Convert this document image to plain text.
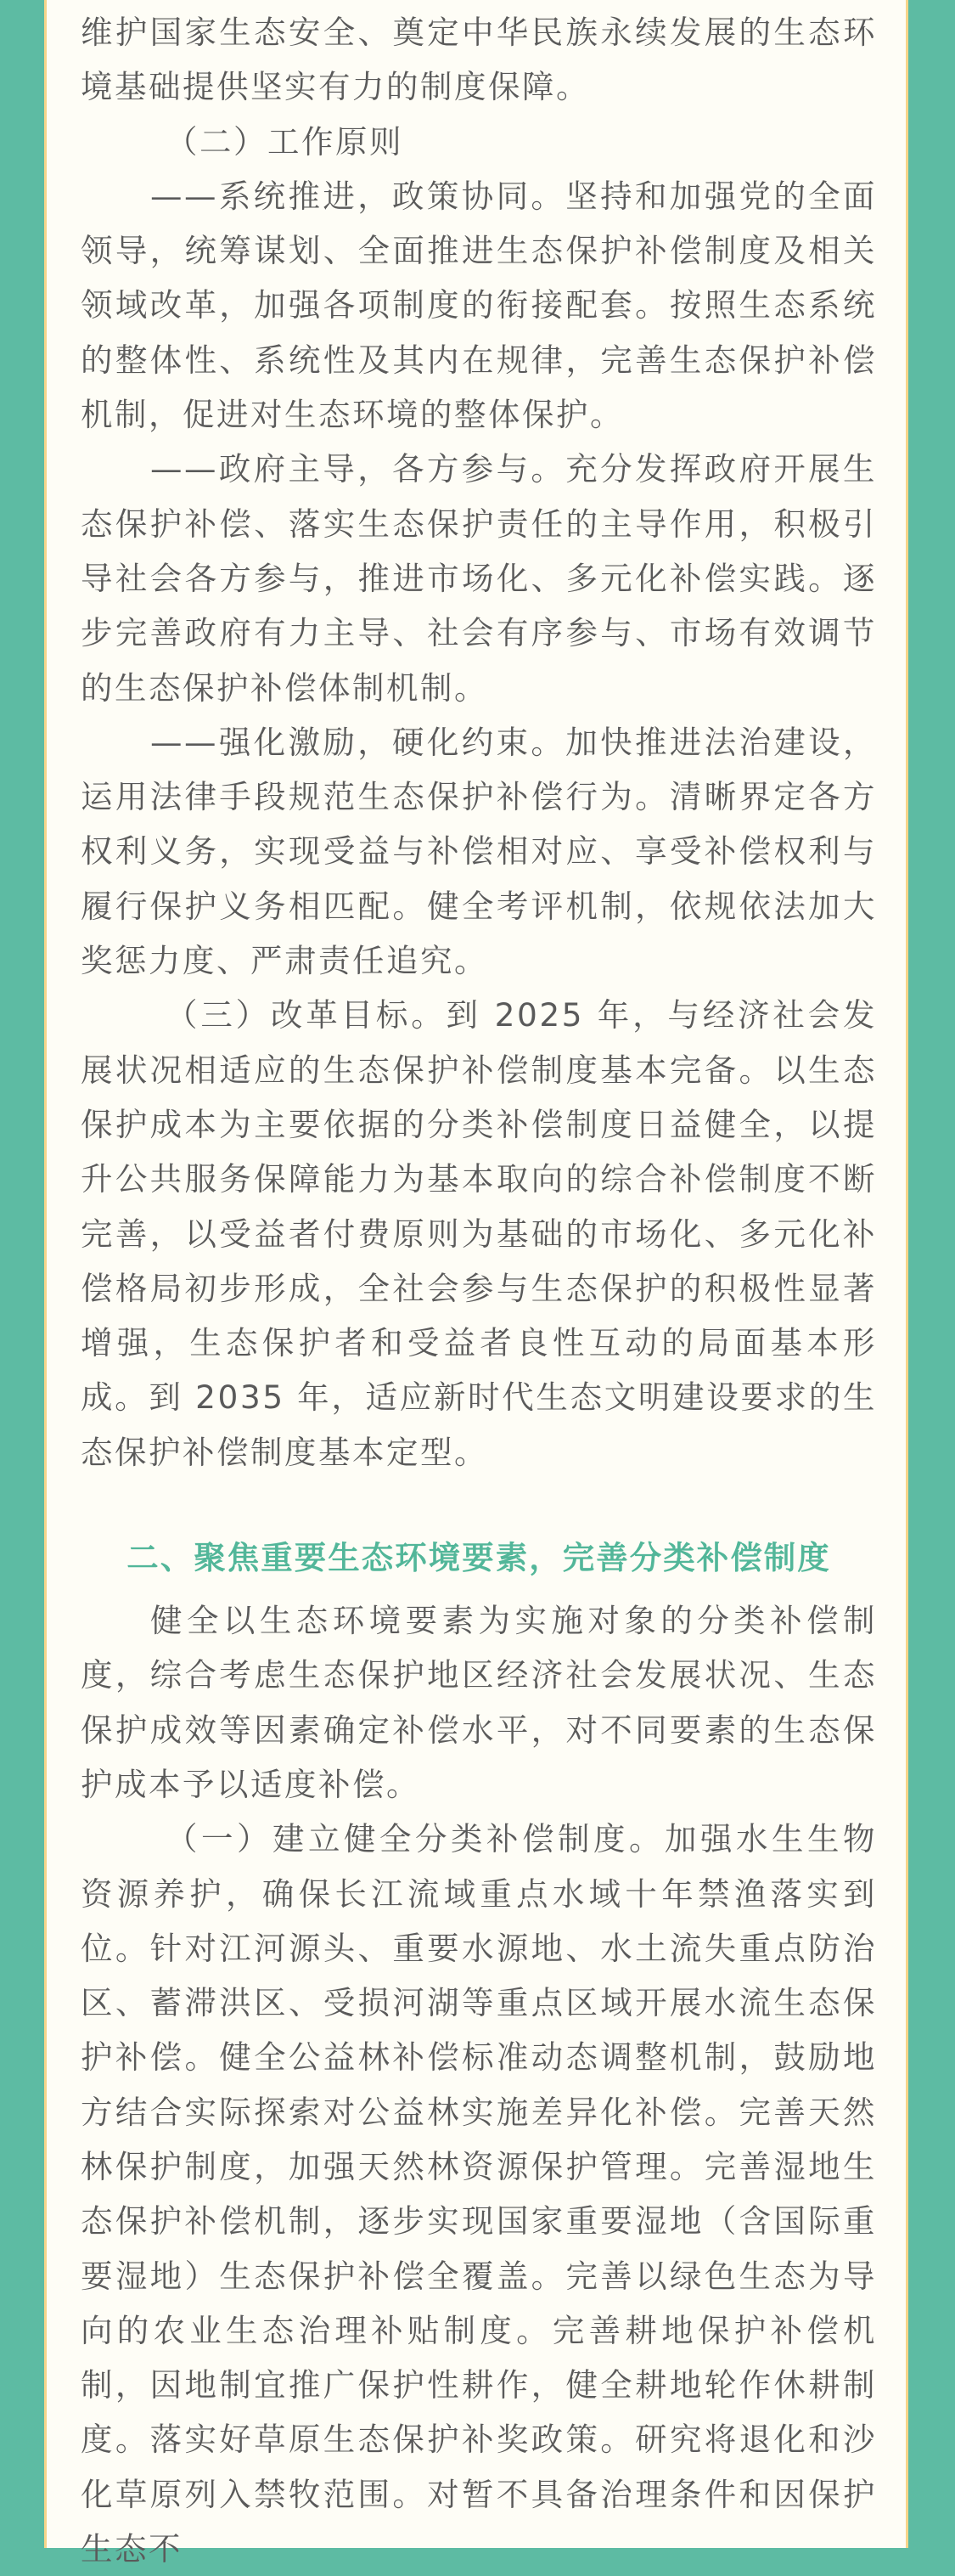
维护国家生态安全、奠定中华民族永续发展的生态环境基础提供坚实有力的制度保障。

（二）工作原则

——系统推进，政策协同。坚持和加强党的全面领导，统筹谋划、全面推进生态保护补偿制度及相关领域改革，加强各项制度的衔接配套。按照生态系统的整体性、系统性及其内在规律，完善生态保护补偿机制，促进对生态环境的整体保护。

——政府主导，各方参与。充分发挥政府开展生态保护补偿、落实生态保护责任的主导作用，积极引导社会各方参与，推进市场化、多元化补偿实践。逐步完善政府有力主导、社会有序参与、市场有效调节的生态保护补偿体制机制。

——强化激励，硬化约束。加快推进法治建设，运用法律手段规范生态保护补偿行为。清晰界定各方权利义务，实现受益与补偿相对应、享受补偿权利与履行保护义务相匹配。健全考评机制，依规依法加大奖惩力度、严肃责任追究。

（三）改革目标。到 2025 年，与经济社会发展状况相适应的生态保护补偿制度基本完备。以生态保护成本为主要依据的分类补偿制度日益健全，以提升公共服务保障能力为基本取向的综合补偿制度不断完善，以受益者付费原则为基础的市场化、多元化补偿格局初步形成，全社会参与生态保护的积极性显著增强，生态保护者和受益者良性互动的局面基本形成。到 2035 年，适应新时代生态文明建设要求的生态保护补偿制度基本定型。

二、聚焦重要生态环境要素，完善分类补偿制度

健全以生态环境要素为实施对象的分类补偿制度，综合考虑生态保护地区经济社会发展状况、生态保护成效等因素确定补偿水平，对不同要素的生态保护成本予以适度补偿。

（一）建立健全分类补偿制度。加强水生生物资源养护，确保长江流域重点水域十年禁渔落实到位。针对江河源头、重要水源地、水土流失重点防治区、蓄滞洪区、受损河湖等重点区域开展水流生态保护补偿。健全公益林补偿标准动态调整机制，鼓励地方结合实际探索对公益林实施差异化补偿。完善天然林保护制度，加强天然林资源保护管理。完善湿地生态保护补偿机制，逐步实现国家重要湿地（含国际重要湿地）生态保护补偿全覆盖。完善以绿色生态为导向的农业生态治理补贴制度。完善耕地保护补偿机制，因地制宜推广保护性耕作，健全耕地轮作休耕制度。落实好草原生态保护补奖政策。研究将退化和沙化草原列入禁牧范围。对暂不具备治理条件和因保护生态不
